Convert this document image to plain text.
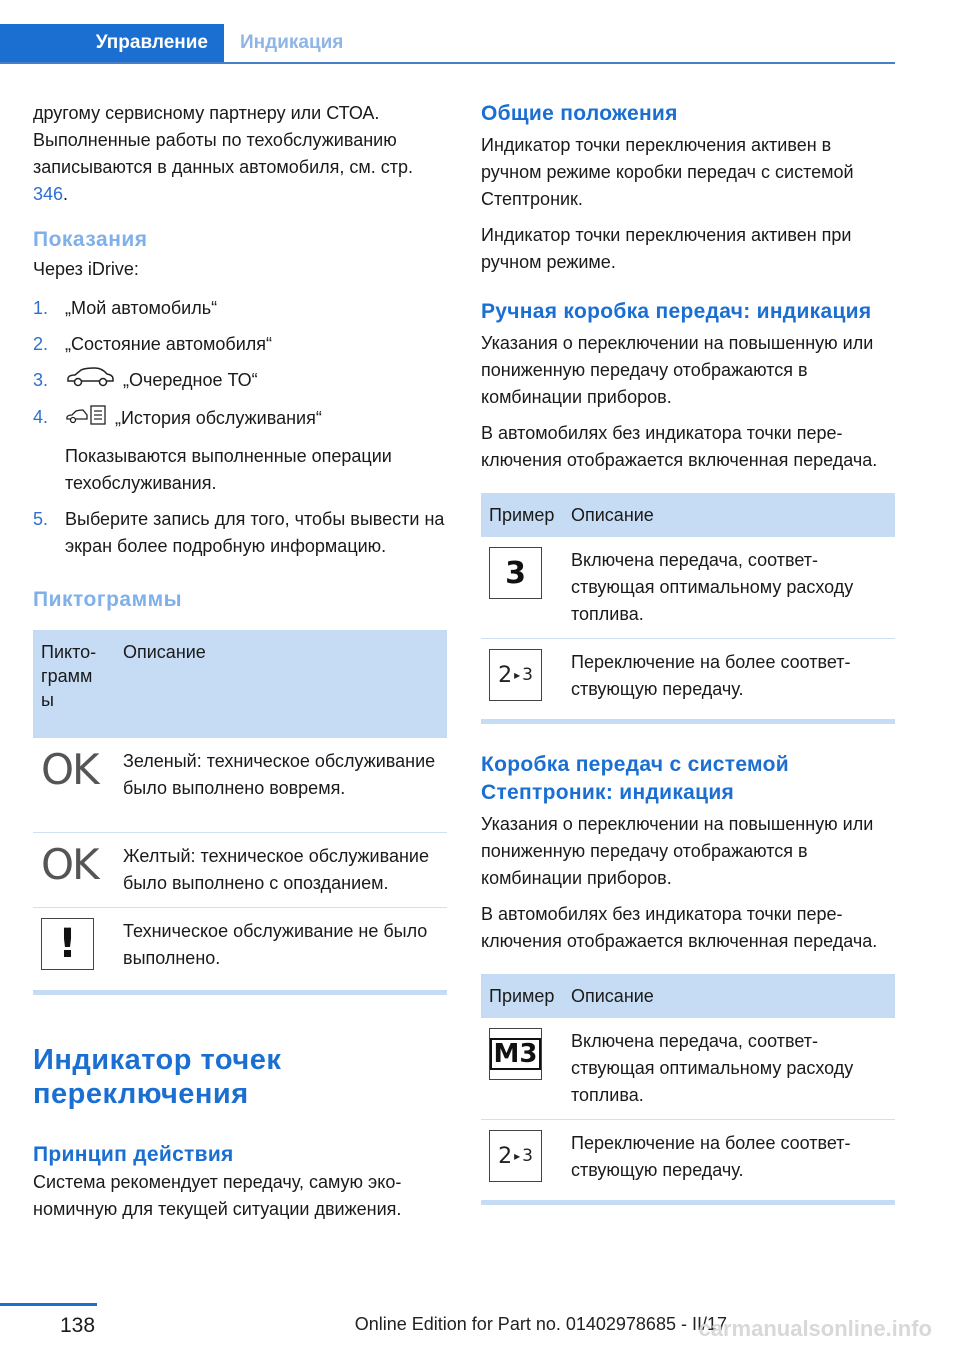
Управление	Индикация

другому сервисному партнеру или СТОА. Выполненные работы по техобслуживанию записываются в данных автомобиля, см. стр. 346.

Показания

Через iDrive:

1. „Мой автомобиль“
2. „Состояние автомобиля“
3.	„Очередное ТО“
4.	„История обслуживания“
Показываются выполненные операции техобслуживания.
5. Выберите запись для того, чтобы вывести на экран более подробную информацию.
Пиктограммы
Пиктограмм ы	Описание
OK	Зеленый: техническое обслуживание было выполнено вовремя.
OK	Желтый: техническое обслуживание было выполнено с опозданием.

!	Техническое обслуживание не было выполнено.
Индикатор точек переключения
Принцип действия

Система рекомендует передачу, самую экономичную для текущей ситуации движения.

Общие положения

Индикатор точки переключения активен в ручном режиме коробки передач с системой Стептроник.

Индикатор точки переключения активен при ручном режиме.

Ручная коробка передач: индикация

Указания о переключении на повышенную или пониженную передачу отображаются в комбинации приборов.

В автомобилях без индикатора точки переключения отображается включенная передача.

Пример	Описание

3	Включена передача, соответствующая оптимальному расходу топлива.

2 ▸ 3	Переключение на более соответствующую передачу.
Коробка передач с системой Стептроник: индикация

Указания о переключении на повышенную или пониженную передачу отображаются в комбинации приборов.

В автомобилях без индикатора точки переключения отображается включенная передача.

Пример	Описание

M3	Включена передача, соответствующая оптимальному расходу топлива.

2 ▸ 3	Переключение на более соответствующую передачу.
138	Online Edition for Part no. 01402978685 - II/17
carmanualsonline.info
